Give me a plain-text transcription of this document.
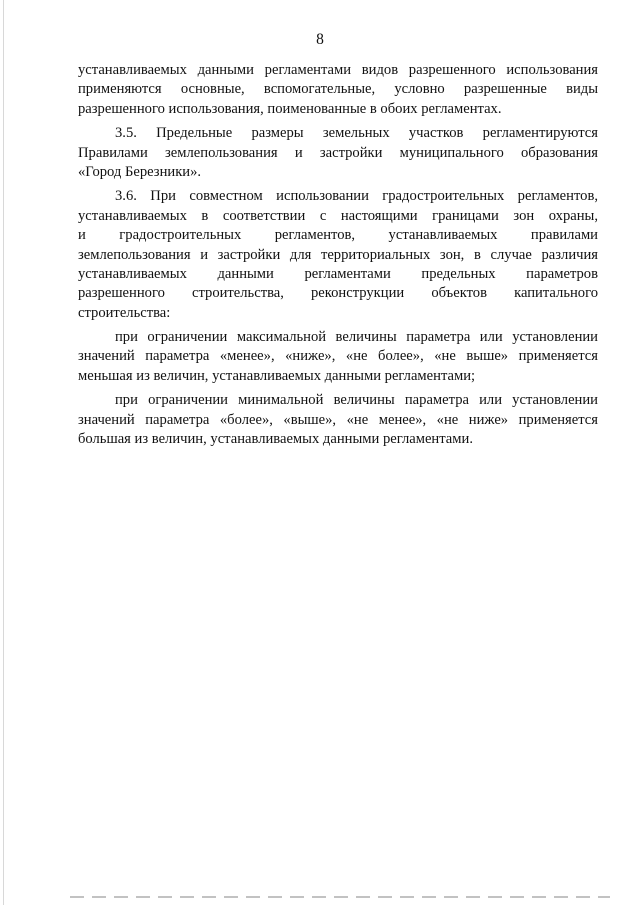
8
устанавливаемых данными регламентами видов разрешенного использования
применяются основные, вспомогательные, условно разрешенные виды
разрешенного использования, поименованные в обоих регламентах.
3.5. Предельные размеры земельных участков регламентируются
Правилами землепользования и застройки муниципального образования
«Город Березники».
3.6. При совместном использовании градостроительных регламентов,
устанавливаемых в соответствии с настоящими границами зон охраны,
и градостроительных регламентов, устанавливаемых правилами
землепользования и застройки для территориальных зон, в случае различия
устанавливаемых данными регламентами предельных параметров
разрешенного строительства, реконструкции объектов капитального
строительства:
при ограничении максимальной величины параметра или установлении
значений параметра «менее», «ниже», «не более», «не выше» применяется
меньшая из величин, устанавливаемых данными регламентами;
при ограничении минимальной величины параметра или установлении
значений параметра «более», «выше», «не менее», «не ниже» применяется
большая из величин, устанавливаемых данными регламентами.
